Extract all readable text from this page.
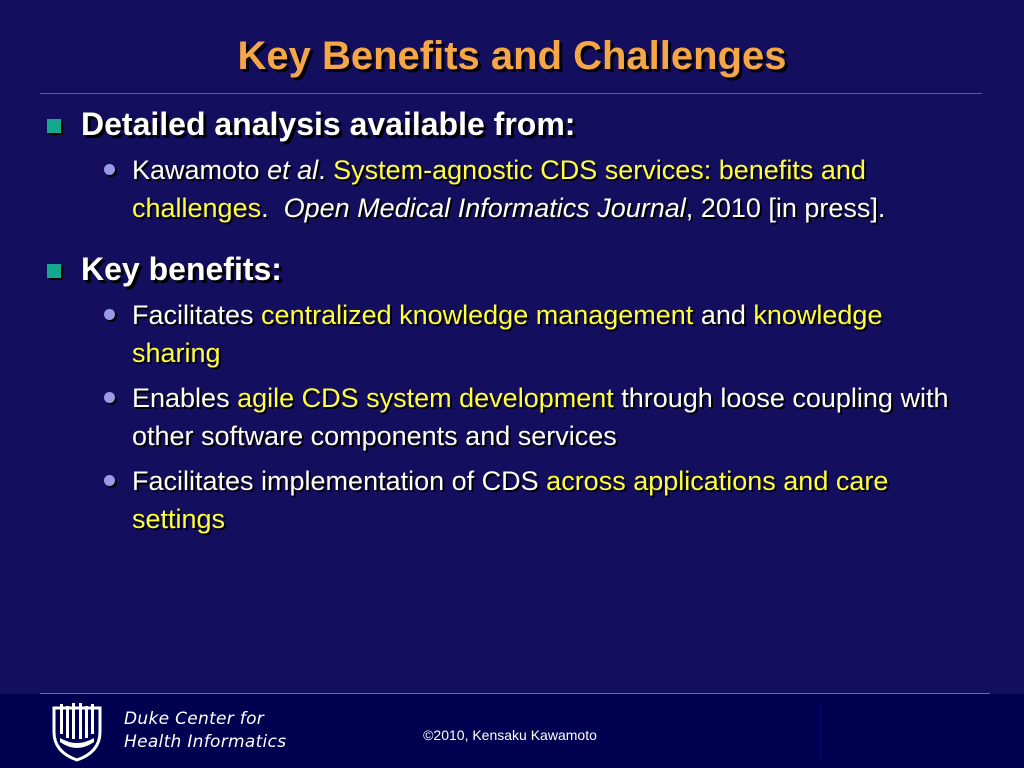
Key Benefits and Challenges
Detailed analysis available from:
Kawamoto et al. System-agnostic CDS services: benefits and challenges.  Open Medical Informatics Journal, 2010 [in press].
Key benefits:
Facilitates centralized knowledge management and knowledge sharing
Enables agile CDS system development through loose coupling with other software components and services
Facilitates implementation of CDS across applications and care settings
Duke Center for
Health Informatics	©2010, Kensaku Kawamoto
